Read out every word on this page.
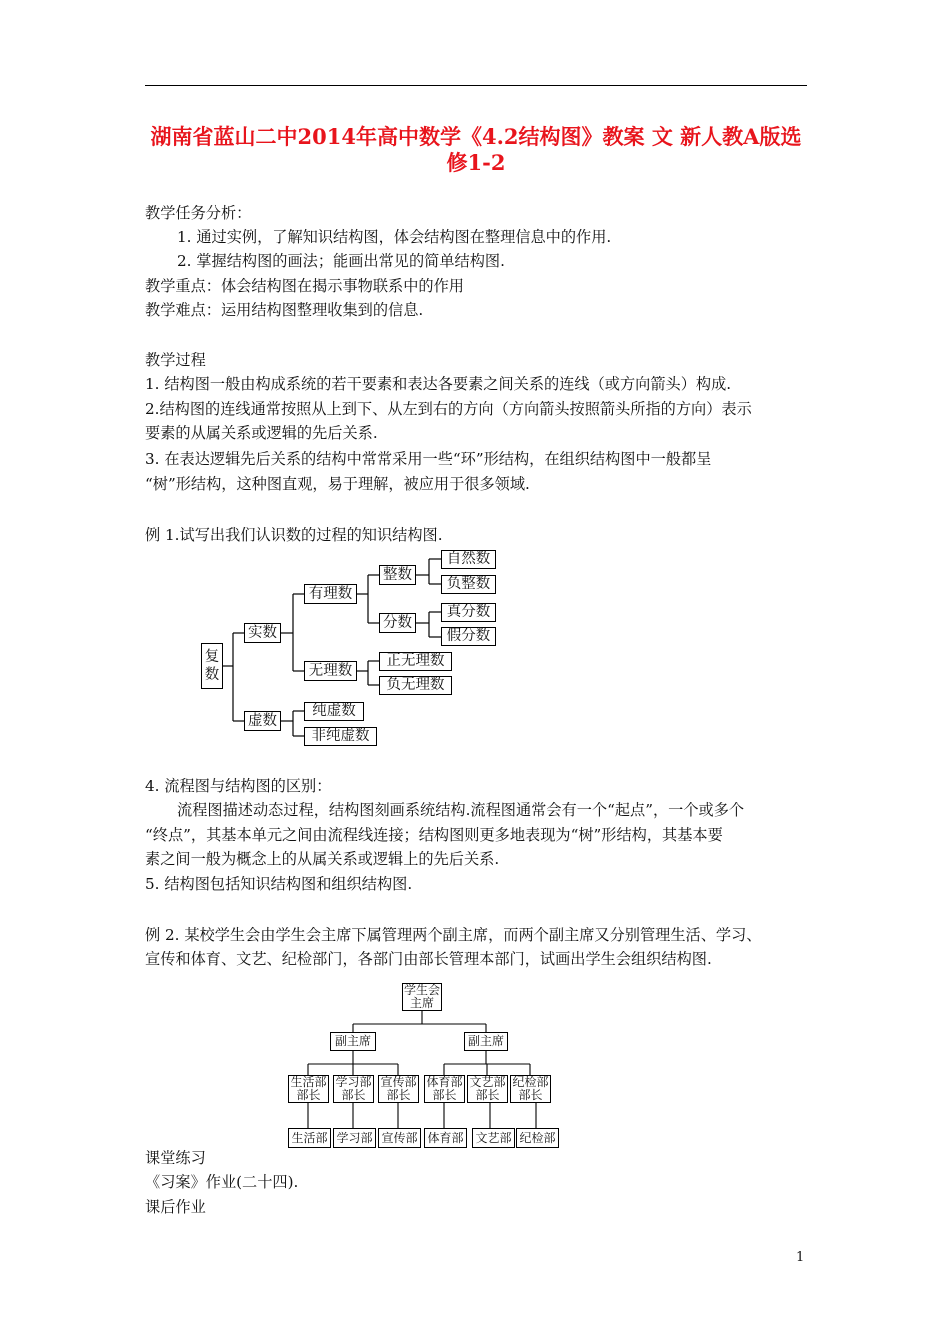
湖南省蓝山二中2014年高中数学《4.2结构图》教案 文 新人教A版选
修1-2
教学任务分析：
1. 通过实例，了解知识结构图，体会结构图在整理信息中的作用.
2. 掌握结构图的画法；能画出常见的简单结构图.
教学重点：体会结构图在揭示事物联系中的作用
教学难点：运用结构图整理收集到的信息.
教学过程
1. 结构图一般由构成系统的若干要素和表达各要素之间关系的连线（或方向箭头）构成.
2.结构图的连线通常按照从上到下、从左到右的方向（方向箭头按照箭头所指的方向）表示
要素的从属关系或逻辑的先后关系.
3. 在表达逻辑先后关系的结构中常常采用一些“环”形结构，在组织结构图中一般都呈
“树”形结构，这种图直观，易于理解，被应用于很多领域.
例 1.试写出我们认识数的过程的知识结构图.
复
数
实数
虚数
有理数
无理数
整数
分数
自然数
负整数
真分数
假分数
正无理数
负无理数
纯虚数
非纯虚数
4. 流程图与结构图的区别：
流程图描述动态过程，结构图刻画系统结构.流程图通常会有一个“起点”，一个或多个
“终点”，其基本单元之间由流程线连接；结构图则更多地表现为“树”形结构，其基本要
素之间一般为概念上的从属关系或逻辑上的先后关系.
5. 结构图包括知识结构图和组织结构图.
例 2. 某校学生会由学生会主席下属管理两个副主席，而两个副主席又分别管理生活、学习、
宣传和体育、文艺、纪检部门，各部门由部长管理本部门，试画出学生会组织结构图.
学生会
主席
副主席	副主席
生活部
部长
学习部
部长
宣传部
部长
体育部
部长
文艺部
部长
纪检部
部长
生活部 学习部 宣传部 体育部 文艺部 纪检部
课堂练习
《习案》作业(二十四).
课后作业
1
